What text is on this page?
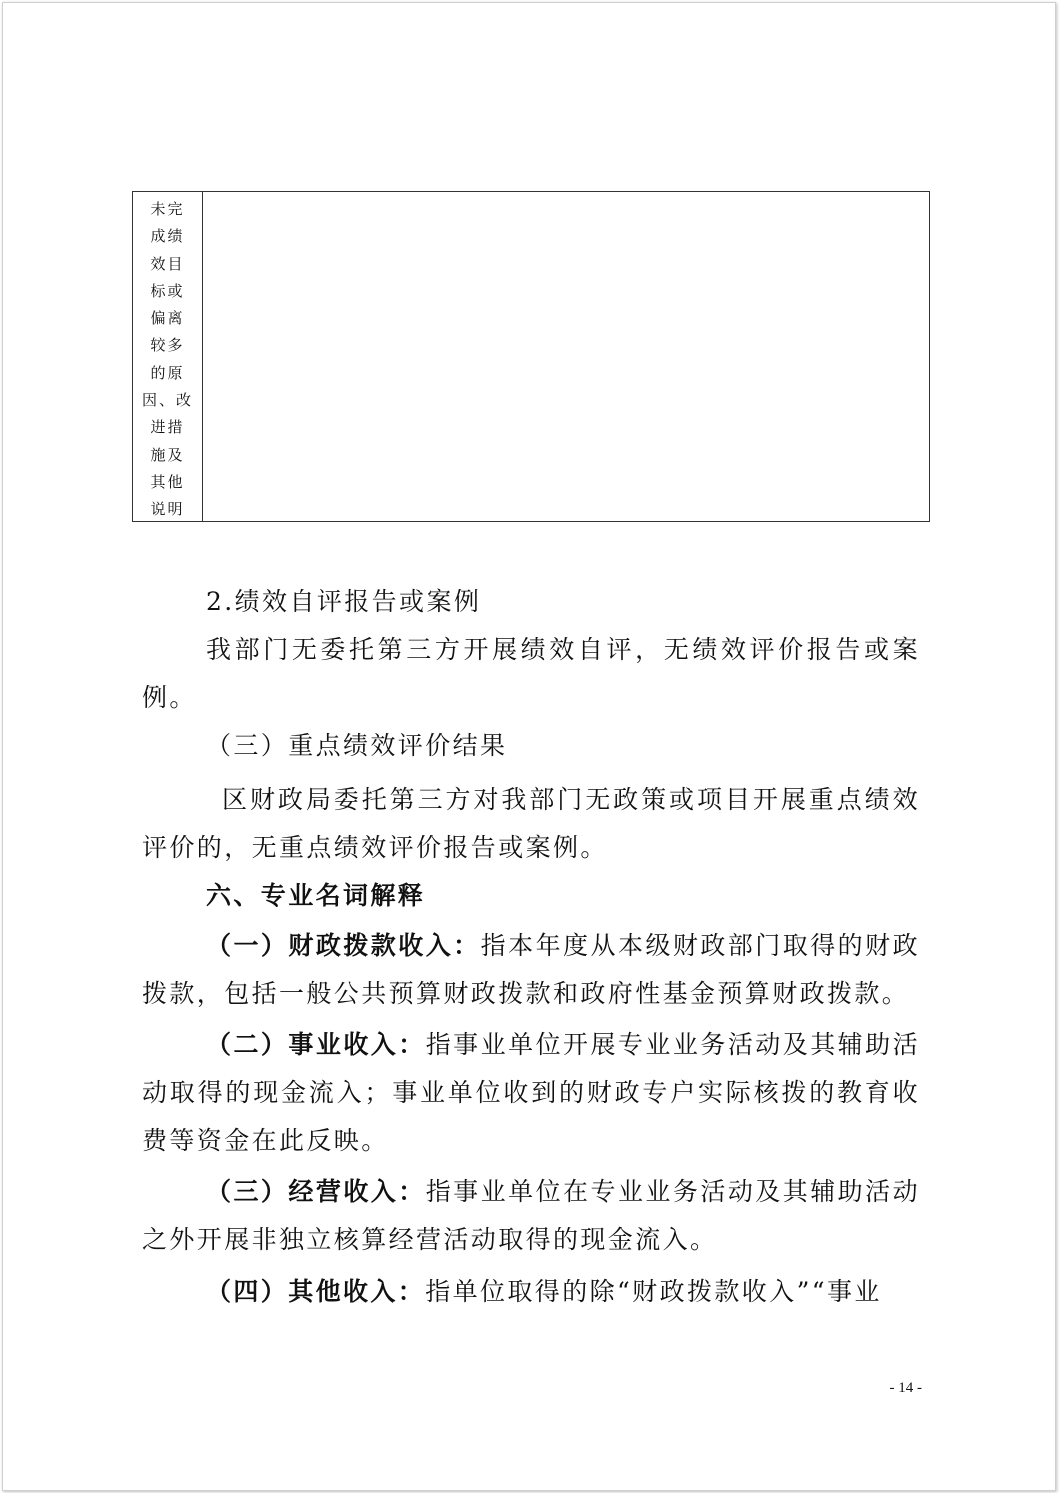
未完
成绩
效目
标或
偏离
较多
的原
因、改
进措
施及
其他
说明

2.绩效自评报告或案例

我部门无委托第三方开展绩效自评，无绩效评价报告或案例。

（三）重点绩效评价结果

区财政局委托第三方对我部门无政策或项目开展重点绩效评价的，无重点绩效评价报告或案例。

六、专业名词解释

（一）财政拨款收入：指本年度从本级财政部门取得的财政拨款，包括一般公共预算财政拨款和政府性基金预算财政拨款。

（二）事业收入：指事业单位开展专业业务活动及其辅助活动取得的现金流入；事业单位收到的财政专户实际核拨的教育收费等资金在此反映。

（三）经营收入：指事业单位在专业业务活动及其辅助活动之外开展非独立核算经营活动取得的现金流入。

（四）其他收入：指单位取得的除“财政拨款收入”“事业

- 14 -
